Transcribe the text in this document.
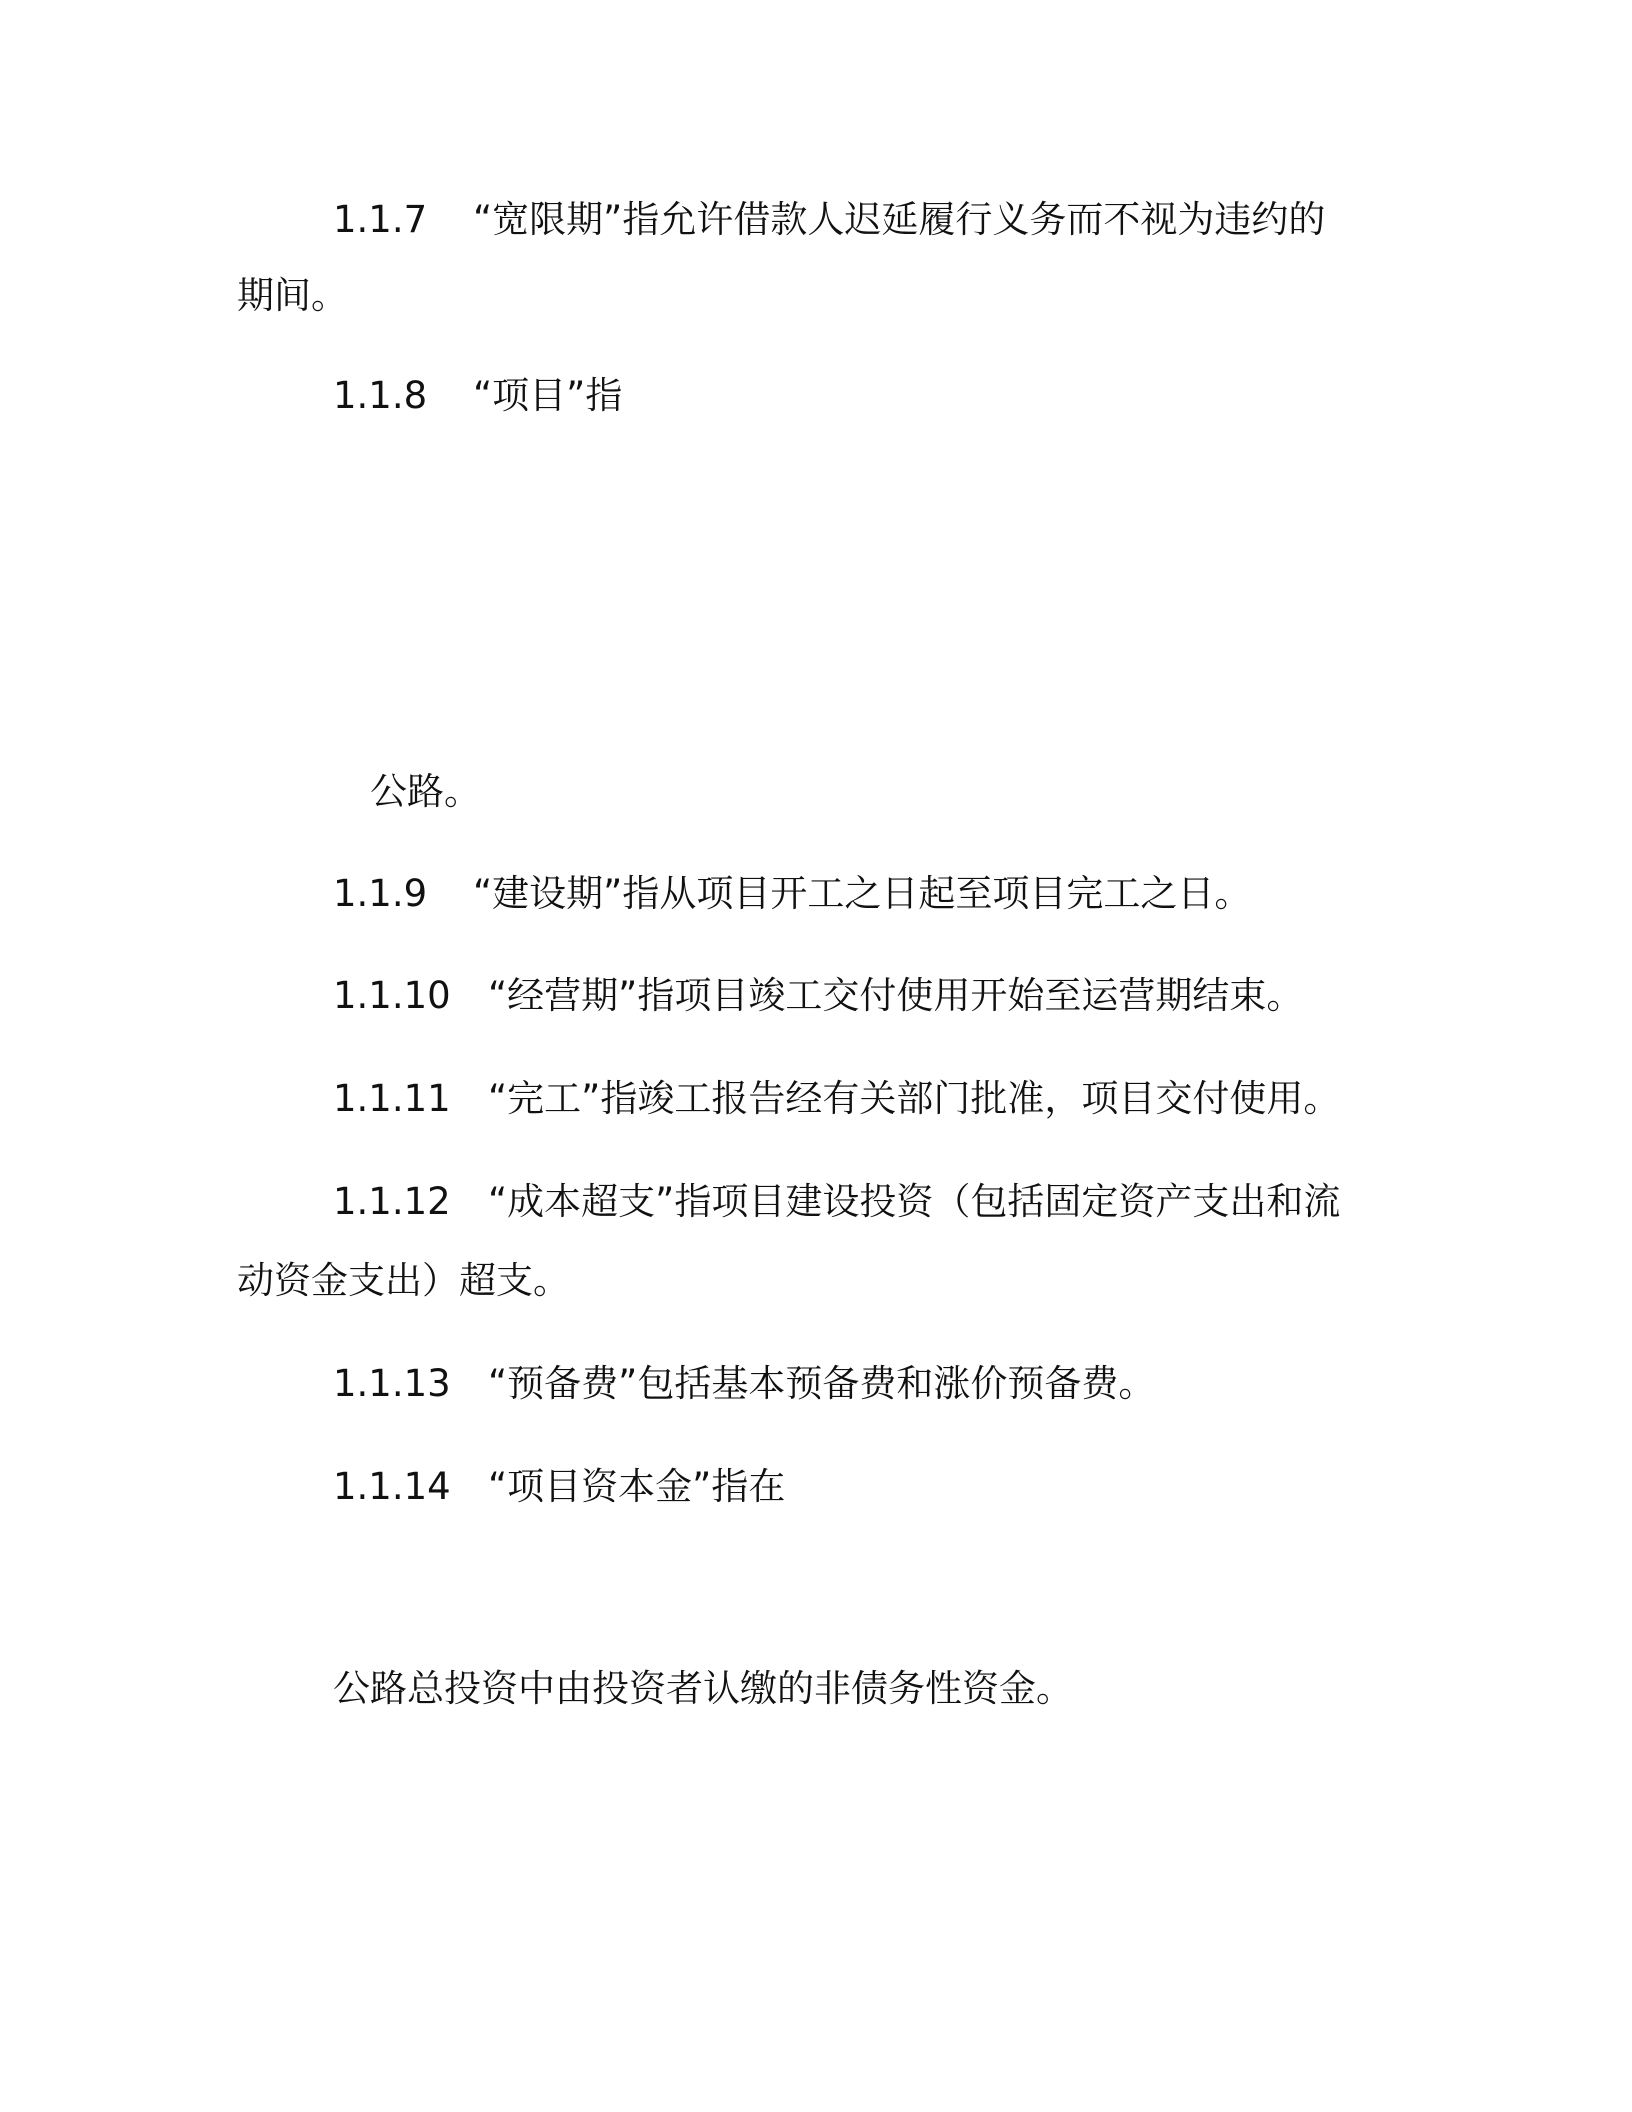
1.1.7 “宽限期”指允许借款人迟延履行义务而不视为违约的
期间。
1.1.8 “项目”指
公路。
1.1.9 “建设期”指从项目开工之日起至项目完工之日。
1.1.10 “经营期”指项目竣工交付使用开始至运营期结束。
1.1.11 “完工”指竣工报告经有关部门批准，项目交付使用。
1.1.12 “成本超支”指项目建设投资（包括固定资产支出和流
动资金支出）超支。
1.1.13 “预备费”包括基本预备费和涨价预备费。
1.1.14 “项目资本金”指在
公路总投资中由投资者认缴的非债务性资金。
